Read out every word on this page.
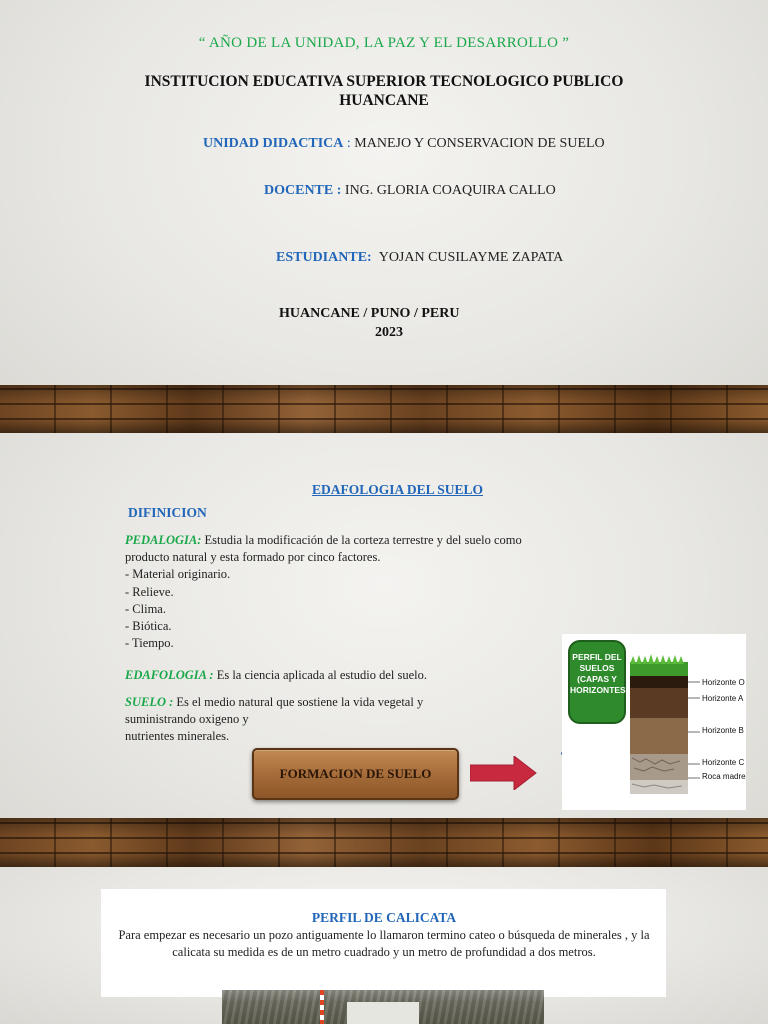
“ AÑO DE LA UNIDAD, LA PAZ Y EL DESARROLLO ”
INSTITUCION EDUCATIVA SUPERIOR TECNOLOGICO PUBLICO
HUANCANE
UNIDAD DIDACTICA : MANEJO Y CONSERVACION DE SUELO
DOCENTE : ING. GLORIA COAQUIRA CALLO
ESTUDIANTE: YOJAN CUSILAYME ZAPATA
HUANCANE / PUNO / PERU
2023
EDAFOLOGIA DEL SUELO
DIFINICION
PEDALOGIA: Estudia la modificación de la corteza terrestre y del suelo como producto natural y esta formado por cinco factores.
- Material originario.
- Relieve.
- Clima.
- Biótica.
- Tiempo.
EDAFOLOGIA : Es la ciencia aplicada al estudio del suelo.
SUELO : Es el medio natural que sostiene la vida vegetal y suministrando oxigeno y
nutrientes minerales.
FORMACION DE SUELO
PERFIL DEL
SUELOS
(CAPAS Y
HORIZONTES)
Horizonte O
Horizonte A
Horizonte B
Horizonte C
Roca madre
PERFIL DE CALICATA
Para empezar es necesario un pozo antiguamente lo llamaron termino cateo o búsqueda de minerales , y la calicata su medida es de un metro cuadrado y un metro de profundidad a dos metros.
